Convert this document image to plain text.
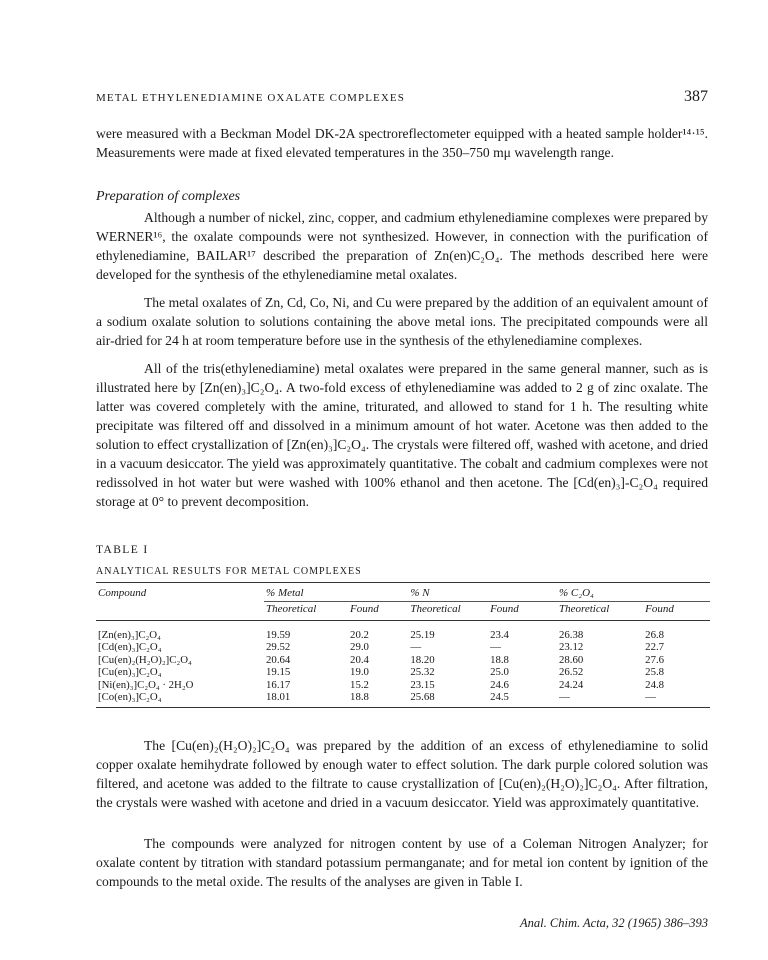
METAL ETHYLENEDIAMINE OXALATE COMPLEXES	387

were measured with a Beckman Model DK-2A spectroreflectometer equipped with a heated sample holder¹⁴·¹⁵. Measurements were made at fixed elevated temperatures in the 350–750 mμ wavelength range.

Preparation of complexes

Although a number of nickel, zinc, copper, and cadmium ethylenediamine complexes were prepared by WERNER¹⁶, the oxalate compounds were not synthesized. However, in connection with the purification of ethylenediamine, BAILAR¹⁷ described the preparation of Zn(en)C₂O₄. The methods described here were developed for the synthesis of the ethylenediamine metal oxalates.

The metal oxalates of Zn, Cd, Co, Ni, and Cu were prepared by the addition of an equivalent amount of a sodium oxalate solution to solutions containing the above metal ions. The precipitated compounds were all air-dried for 24 h at room temperature before use in the synthesis of the ethylenediamine complexes.

All of the tris(ethylenediamine) metal oxalates were prepared in the same general manner, such as is illustrated here by [Zn(en)₃]C₂O₄. A two-fold excess of ethylenediamine was added to 2 g of zinc oxalate. The latter was covered completely with the amine, triturated, and allowed to stand for 1 h. The resulting white precipitate was filtered off and dissolved in a minimum amount of hot water. Acetone was then added to the solution to effect crystallization of [Zn(en)₃]C₂O₄. The crystals were filtered off, washed with acetone, and dried in a vacuum desiccator. The yield was approximately quantitative. The cobalt and cadmium complexes were not redissolved in hot water but were washed with 100% ethanol and then acetone. The [Cd(en)₃]-C₂O₄ required storage at 0° to prevent decomposition.

TABLE I
ANALYTICAL RESULTS FOR METAL COMPLEXES
Compound	% Metal		% N		% C₂O₄	
	Theoretical	Found	Theoretical	Found	Theoretical	Found
[Zn(en)₃]C₂O₄	19.59	20.2	25.19	23.4	26.38	26.8
[Cd(en)₃]C₂O₄	29.52	29.0	—	—	23.12	22.7
[Cu(en)₂(H₂O)₂]C₂O₄	20.64	20.4	18.20	18.8	28.60	27.6
[Cu(en)₃]C₂O₄	19.15	19.0	25.32	25.0	26.52	25.8
[Ni(en)₃]C₂O₄ · 2H₂O	16.17	15.2	23.15	24.6	24.24	24.8
[Co(en)₃]C₂O₄	18.01	18.8	25.68	24.5	—	—

The [Cu(en)₂(H₂O)₂]C₂O₄ was prepared by the addition of an excess of ethylenediamine to solid copper oxalate hemihydrate followed by enough water to effect solution. The dark purple colored solution was filtered, and acetone was added to the filtrate to cause crystallization of [Cu(en)₂(H₂O)₂]C₂O₄. After filtration, the crystals were washed with acetone and dried in a vacuum desiccator. Yield was approximately quantitative.

The compounds were analyzed for nitrogen content by use of a Coleman Nitrogen Analyzer; for oxalate content by titration with standard potassium permanganate; and for metal ion content by ignition of the compounds to the metal oxide. The results of the analyses are given in Table I.

Anal. Chim. Acta, 32 (1965) 386–393
